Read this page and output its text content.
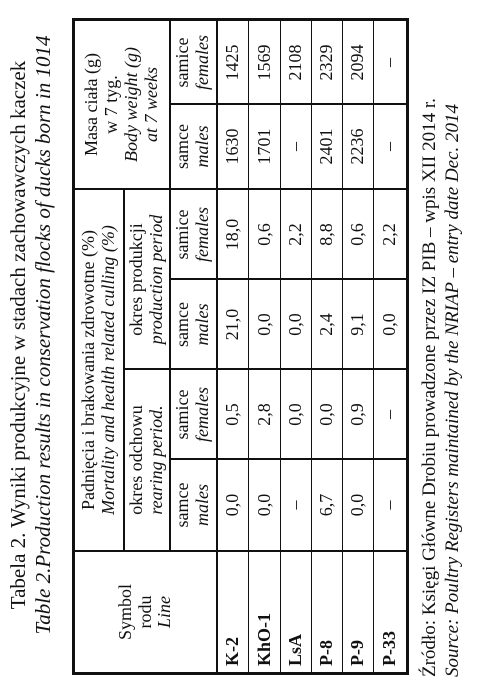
Tabela 2. Wyniki produkcyjne w stadach zachowawczych kaczek Table 2.Production results in conservation flocks of ducks born in 1014	Symbol rodu Line
Padnięcia i brakowania zdrowotne (%) Mortality and health related culling (%) okres odchowu rearing period.
okres produkcji production period
Masa ciała (g) w 7 tyg. Body weight (g) at 7 weeks
samce males
samice females
samce males
samice females
samce males
samice females
K-2
0,0
0,5
21,0
18,0
1630
1425
KhO-1
0,0
2,8
0,0
0,6
1701
1569
LsA
–
0,0
0,0
2,2
–
2108
P-8
6,7
0,0
2,4
8,8
2401
2329
P-9
0,0
0,9
9,1
0,6
2236
2094
P-33
–
–
0,0
2,2
–
–
Źródło: Księgi Główne Drobiu prowadzone przez IZ PIB – wpis XII 2014 r. Source: Poultry Registers maintained by the NRIAP – entry date Dec. 2014
